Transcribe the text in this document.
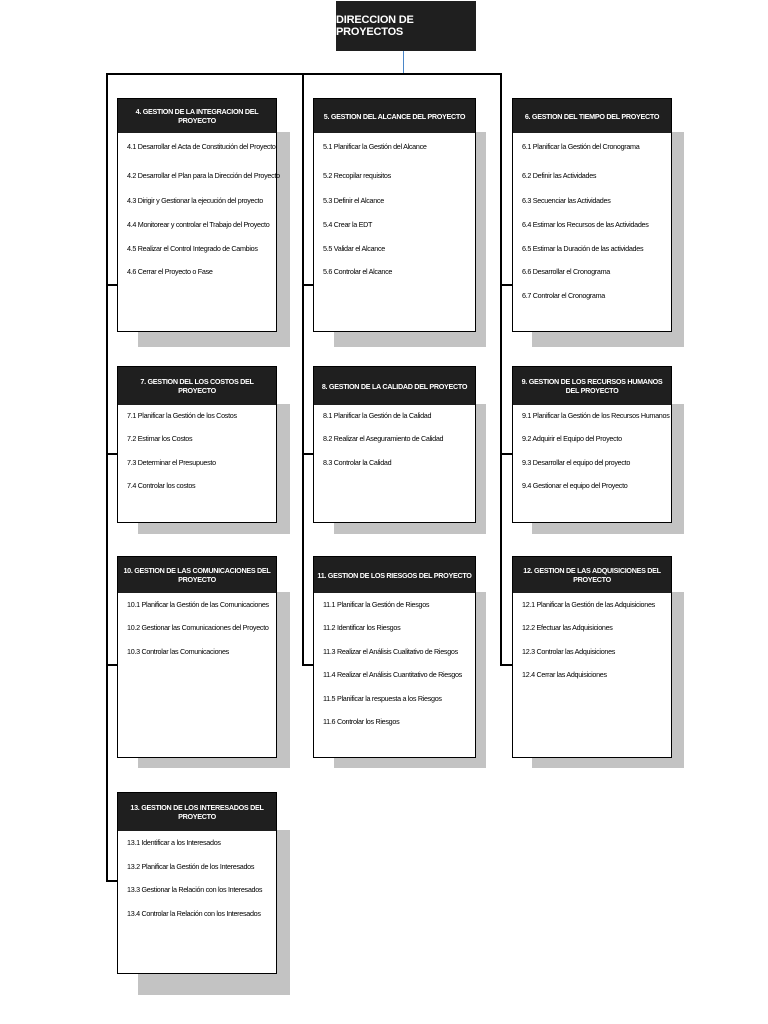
DIRECCION DE PROYECTOS
4. GESTION DE LA INTEGRACION DEL PROYECTO
4.1 Desarrollar el Acta de Constitución del Proyecto
4.2 Desarrollar el Plan para la Dirección del Proyecto
4.3 Dirigir y Gestionar la ejecución del proyecto
4.4 Monitorear y controlar el Trabajo del Proyecto
4.5 Realizar el Control Integrado de Cambios
4.6 Cerrar el Proyecto o Fase
5. GESTION DEL ALCANCE DEL PROYECTO
5.1 Planificar la Gestión del Alcance
5.2 Recopilar requisitos
5.3 Definir el Alcance
5.4 Crear la EDT
5.5 Validar el Alcance
5.6 Controlar el Alcance
6. GESTION DEL TIEMPO DEL PROYECTO
6.1 Planificar la Gestión del Cronograma
6.2 Definir las Actividades
6.3 Secuenciar las Actividades
6.4 Estimar los Recursos de las Actividades
6.5 Estimar la Duración de las actividades
6.6 Desarrollar el Cronograma
6.7 Controlar el Cronograma
7. GESTION DEL LOS COSTOS DEL PROYECTO
7.1 Planificar la Gestión de los Costos
7.2 Estimar los Costos
7.3 Determinar el Presupuesto
7.4 Controlar los costos
8. GESTION DE LA CALIDAD DEL PROYECTO
8.1 Planificar la Gestión de la Calidad
8.2 Realizar el Aseguramiento de Calidad
8.3 Controlar la Calidad
9. GESTION DE LOS RECURSOS HUMANOS DEL PROYECTO
9.1 Planificar la Gestión de los Recursos Humanos
9.2 Adquirir el Equipo del Proyecto
9.3 Desarrollar el equipo del proyecto
9.4 Gestionar el equipo del Proyecto
10. GESTION DE LAS COMUNICACIONES DEL PROYECTO
10.1 Planificar la Gestión de las Comunicaciones
10.2 Gestionar las Comunicaciones del Proyecto
10.3 Controlar las Comunicaciones
11. GESTION DE LOS RIESGOS DEL PROYECTO
11.1 Planificar la Gestión de Riesgos
11.2 Identificar los Riesgos
11.3 Realizar el Análisis Cualitativo de Riesgos
11.4 Realizar el Análisis Cuantitativo de Riesgos
11.5 Planificar la respuesta a los Riesgos
11.6 Controlar los Riesgos
12. GESTION DE LAS ADQUISICIONES DEL PROYECTO
12.1 Planificar la Gestión de las Adquisiciones
12.2 Efectuar las Adquisiciones
12.3 Controlar las Adquisiciones
12.4 Cerrar las Adquisiciones
13. GESTION DE LOS INTERESADOS DEL PROYECTO
13.1 Identificar a los Interesados
13.2 Planificar la Gestión de los Interesados
13.3 Gestionar la Relación con los Interesados
13.4 Controlar la Relación con los Interesados
